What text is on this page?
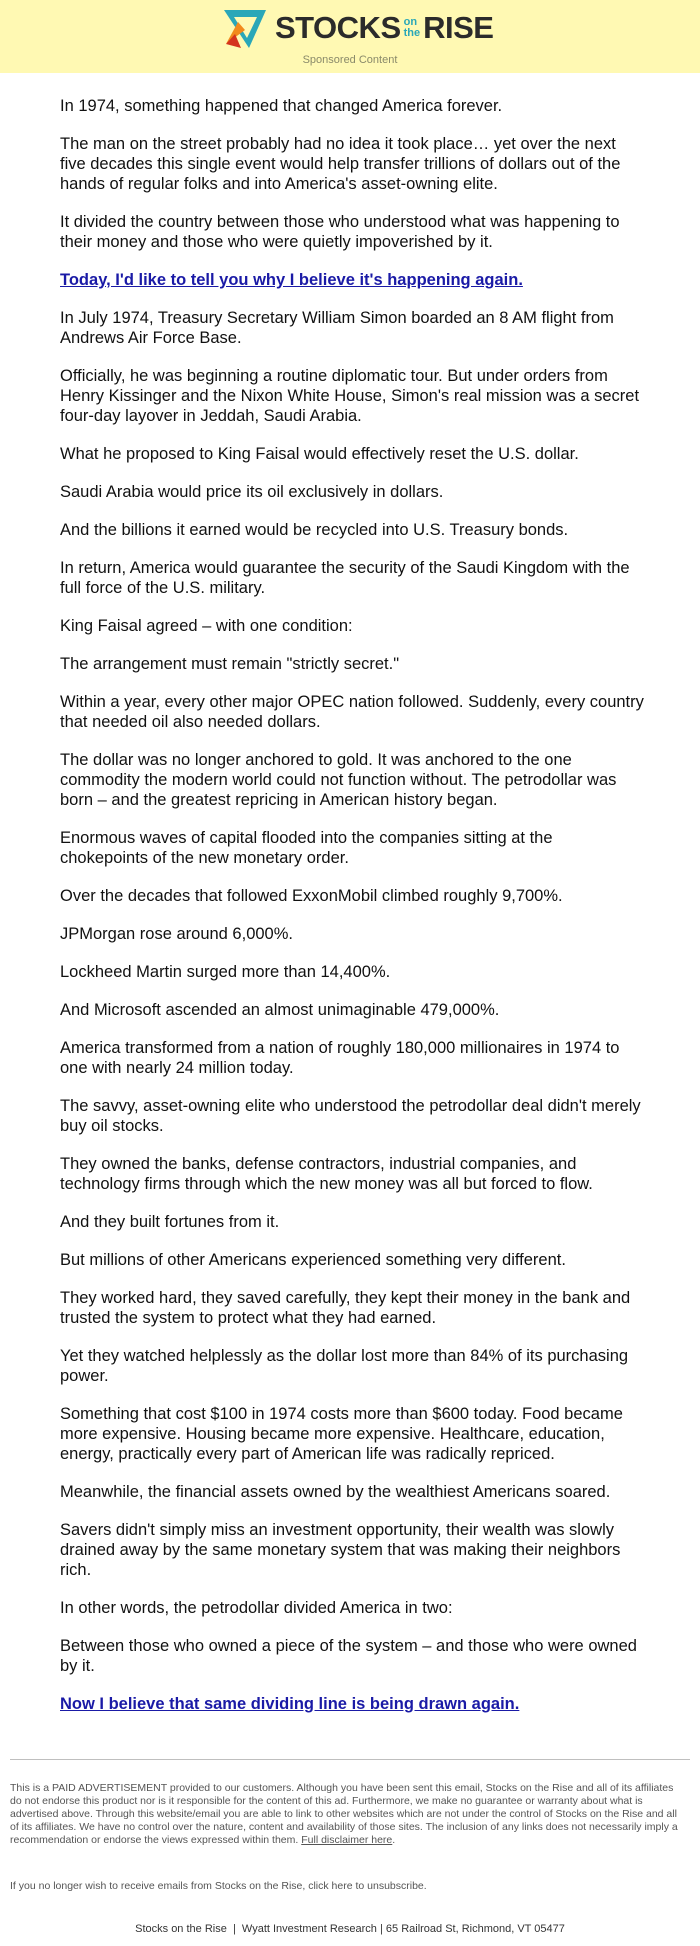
STOCKS on
the RISE
Sponsored Content

In 1974, something happened that changed America forever.

The man on the street probably had no idea it took place… yet over the next five decades this single event would help transfer trillions of dollars out of the hands of regular folks and into America's asset-owning elite.

It divided the country between those who understood what was happening to their money and those who were quietly impoverished by it.

Today, I'd like to tell you why I believe it's happening again.

In July 1974, Treasury Secretary William Simon boarded an 8 AM flight from Andrews Air Force Base.

Officially, he was beginning a routine diplomatic tour. But under orders from Henry Kissinger and the Nixon White House, Simon's real mission was a secret four-day layover in Jeddah, Saudi Arabia.

What he proposed to King Faisal would effectively reset the U.S. dollar.

Saudi Arabia would price its oil exclusively in dollars.

And the billions it earned would be recycled into U.S. Treasury bonds.

In return, America would guarantee the security of the Saudi Kingdom with the full force of the U.S. military.

King Faisal agreed – with one condition:

The arrangement must remain "strictly secret."

Within a year, every other major OPEC nation followed. Suddenly, every country that needed oil also needed dollars.

The dollar was no longer anchored to gold. It was anchored to the one commodity the modern world could not function without. The petrodollar was born – and the greatest repricing in American history began.

Enormous waves of capital flooded into the companies sitting at the chokepoints of the new monetary order.

Over the decades that followed ExxonMobil climbed roughly 9,700%.

JPMorgan rose around 6,000%.

Lockheed Martin surged more than 14,400%.

And Microsoft ascended an almost unimaginable 479,000%.

America transformed from a nation of roughly 180,000 millionaires in 1974 to one with nearly 24 million today.

The savvy, asset-owning elite who understood the petrodollar deal didn't merely buy oil stocks.

They owned the banks, defense contractors, industrial companies, and technology firms through which the new money was all but forced to flow.

And they built fortunes from it.

But millions of other Americans experienced something very different.

They worked hard, they saved carefully, they kept their money in the bank and trusted the system to protect what they had earned.

Yet they watched helplessly as the dollar lost more than 84% of its purchasing power.

Something that cost $100 in 1974 costs more than $600 today. Food became more expensive. Housing became more expensive. Healthcare, education, energy, practically every part of American life was radically repriced.

Meanwhile, the financial assets owned by the wealthiest Americans soared.

Savers didn't simply miss an investment opportunity, their wealth was slowly drained away by the same monetary system that was making their neighbors rich.

In other words, the petrodollar divided America in two:

Between those who owned a piece of the system – and those who were owned by it.

Now I believe that same dividing line is being drawn again.

This is a PAID ADVERTISEMENT provided to our customers. Although you have been sent this email, Stocks on the Rise and all of its affiliates do not endorse this product nor is it responsible for the content of this ad. Furthermore, we make no guarantee or warranty about what is advertised above. Through this website/email you are able to link to other websites which are not under the control of Stocks on the Rise and all of its affiliates. We have no control over the nature, content and availability of those sites. The inclusion of any links does not necessarily imply a recommendation or endorse the views expressed within them. Full disclaimer here.
If you no longer wish to receive emails from Stocks on the Rise, click here to unsubscribe.
Stocks on the Rise  |  Wyatt Investment Research | 65 Railroad St, Richmond, VT 05477
